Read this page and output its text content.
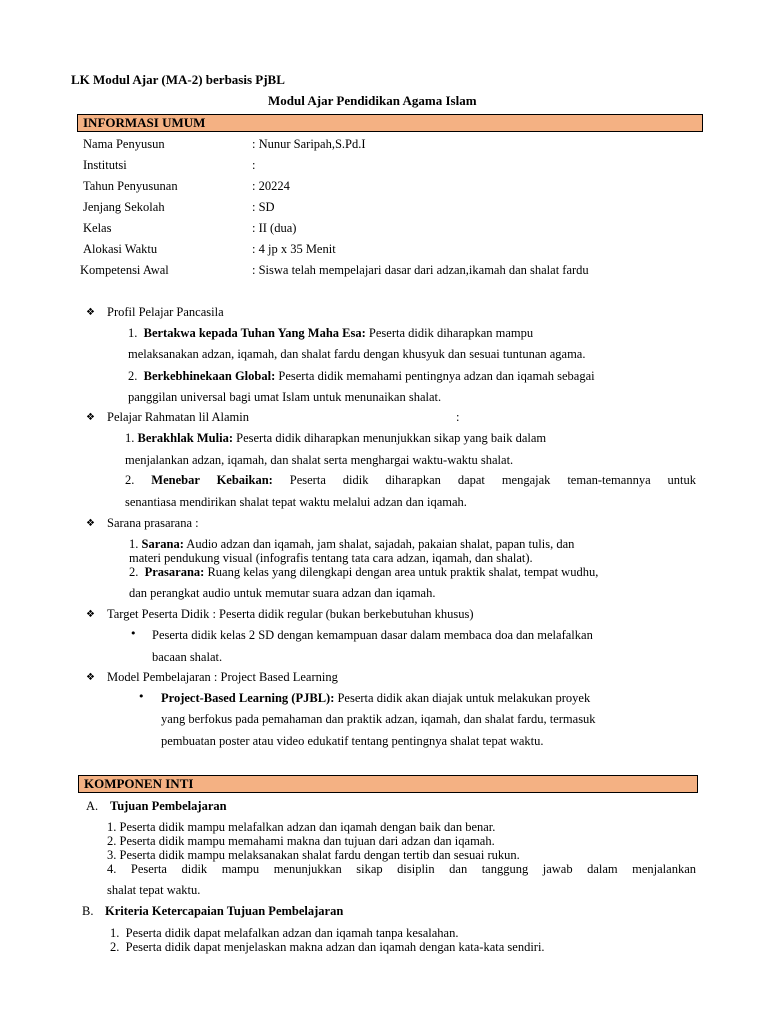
LK Modul Ajar (MA-2) berbasis PjBL
Modul Ajar Pendidikan Agama Islam
INFORMASI UMUM
Nama Penyusun	: Nunur Saripah,S.Pd.I
Institutsi	:
Tahun Penyusunan	: 20224
Jenjang Sekolah	: SD
Kelas	: II (dua)
Alokasi Waktu	: 4 jp x 35 Menit
Kompetensi Awal	: Siswa telah mempelajari dasar dari adzan,ikamah dan shalat fardu
❖ Profil Pelajar Pancasila
1. Bertakwa kepada Tuhan Yang Maha Esa: Peserta didik diharapkan mampu
melaksanakan adzan, iqamah, dan shalat fardu dengan khusyuk dan sesuai tuntunan agama.
2. Berkebhinekaan Global: Peserta didik memahami pentingnya adzan dan iqamah sebagai
panggilan universal bagi umat Islam untuk menunaikan shalat.
❖ Pelajar Rahmatan lil Alamin	:
1. Berakhlak Mulia: Peserta didik diharapkan menunjukkan sikap yang baik dalam
menjalankan adzan, iqamah, dan shalat serta menghargai waktu-waktu shalat.
2. Menebar Kebaikan: Peserta didik diharapkan dapat mengajak teman-temannya untuk
senantiasa mendirikan shalat tepat waktu melalui adzan dan iqamah.
❖ Sarana prasarana :
1. Sarana: Audio adzan dan iqamah, jam shalat, sajadah, pakaian shalat, papan tulis, dan
materi pendukung visual (infografis tentang tata cara adzan, iqamah, dan shalat).
2. Prasarana: Ruang kelas yang dilengkapi dengan area untuk praktik shalat, tempat wudhu,
dan perangkat audio untuk memutar suara adzan dan iqamah.
❖ Target Peserta Didik : Peserta didik regular (bukan berkebutuhan khusus)
• Peserta didik kelas 2 SD dengan kemampuan dasar dalam membaca doa dan melafalkan
bacaan shalat.
❖ Model Pembelajaran : Project Based Learning
• Project-Based Learning (PJBL): Peserta didik akan diajak untuk melakukan proyek
yang berfokus pada pemahaman dan praktik adzan, iqamah, dan shalat fardu, termasuk
pembuatan poster atau video edukatif tentang pentingnya shalat tepat waktu.
KOMPONEN INTI
A. Tujuan Pembelajaran
1. Peserta didik mampu melafalkan adzan dan iqamah dengan baik dan benar.
2. Peserta didik mampu memahami makna dan tujuan dari adzan dan iqamah.
3. Peserta didik mampu melaksanakan shalat fardu dengan tertib dan sesuai rukun.
4. Peserta didik mampu menunjukkan sikap disiplin dan tanggung jawab dalam menjalankan
shalat tepat waktu.
B. Kriteria Ketercapaian Tujuan Pembelajaran
1. Peserta didik dapat melafalkan adzan dan iqamah tanpa kesalahan.
2. Peserta didik dapat menjelaskan makna adzan dan iqamah dengan kata-kata sendiri.
